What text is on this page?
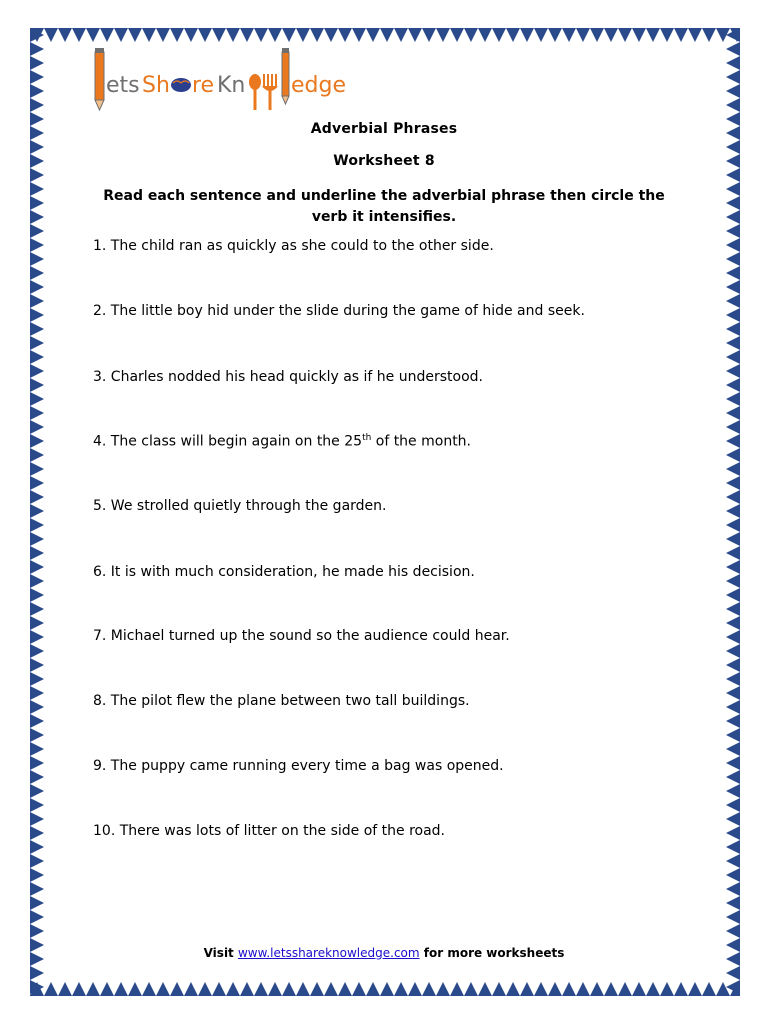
ets Sh re Kn edge
Adverbial Phrases
Worksheet 8
Read each sentence and underline the adverbial phrase then circle the verb it intensifies.
1. The child ran as quickly as she could to the other side.
2. The little boy hid under the slide during the game of hide and seek.
3. Charles nodded his head quickly as if he understood.
4. The class will begin again on the 25th of the month.
5. We strolled quietly through the garden.
6. It is with much consideration, he made his decision.
7. Michael turned up the sound so the audience could hear.
8. The pilot flew the plane between two tall buildings.
9. The puppy came running every time a bag was opened.
10. There was lots of litter on the side of the road.
Visit www.letsshareknowledge.com for more worksheets
